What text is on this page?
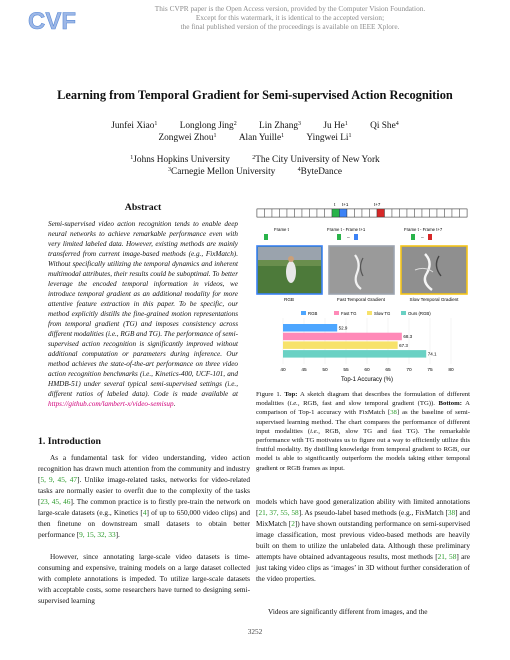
CVF	This CVPR paper is the Open Access version, provided by the Computer Vision Foundation.
Except for this watermark, it is identical to the accepted version;
the final published version of the proceedings is available on IEEE Xplore.
Learning from Temporal Gradient for Semi-supervised Action Recognition
Junfei Xiao$^1$ Longlong Jing$^2$ Lin Zhang$^3$ Ju He$^1$ Qi She$^4$
Zongwei Zhou$^1$ Alan Yuille$^1$ Yingwei Li$^1$
$^1$Johns Hopkins University	$^2$The City University of New York
$^3$Carnegie Mellon University	$^4$ByteDance
Abstract
Semi-supervised video action recognition tends to enable deep neural networks to achieve remarkable performance even with very limited labeled data. However, existing methods are mainly transferred from current image-based methods (e.g., FixMatch). Without specifically utilizing the temporal dynamics and inherent multimodal attributes, their results could be suboptimal. To better leverage the encoded temporal information in videos, we introduce temporal gradient as an additional modality for more attentive feature extraction in this paper. To be specific, our method explicitly distills the fine-grained motion representations from temporal gradient (TG) and imposes consistency across different modalities (i.e., RGB and TG). The performance of semi-supervised action recognition is significantly improved without additional computation or parameters during inference. Our method achieves the state-of-the-art performance on three video action recognition benchmarks (i.e., Kinetics-400, UCF-101, and HMDB-51) under several typical semi-supervised settings (i.e., different ratios of labeled data). Code is made available at https://github.com/lambert-x/video-semisup.
1. Introduction
As a fundamental task for video understanding, video action recognition has drawn much attention from the community and industry [5, 9, 45, 47]. Unlike image-related tasks, networks for video-related tasks are normally easier to overfit due to the complexity of the tasks [23, 45, 46]. The common practice is to firstly pre-train the network on large-scale datasets (e.g., Kinetics [4] of up to 650,000 video clips) and then finetune on downstream small datasets to obtain better performance [9, 15, 32, 33].
However, since annotating large-scale video datasets is time-consuming and expensive, training models on a large dataset collected with complete annotations is impeded. To utilize large-scale datasets with acceptable costs, some researchers have turned to designing semi-supervised learning
models which have good generalization ability with limited annotations [21, 37, 55, 58]. As pseudo-label based methods (e.g., FixMatch [38] and MixMatch [2]) have shown outstanding performance on semi-supervised image classification, most previous video-based methods are heavily built on them to utilize the unlabeled data. Although these preliminary attempts have obtained advantageous results, most methods [21, 58] are just taking video clips as ‘images’ in 3D without further consideration of the video properties.
Videos are significantly different from images, and the
t t+1	t+7
Frame t	Frame t - Frame t+1
–
Frame t - Frame t+7
–
RGB	Fast Temporal Gradient	Slow Temporal Gradient
RGB	Fast TG	Slow TG	Ours (RGB)
52.9
68.3
67.3
74.1
40	45	50	55	60	65	70	75	80
Top-1 Accuracy (%)
Figure 1. Top: A sketch diagram that describes the formulation of different modalities (i.e., RGB, fast and slow temporal gradient (TG)). Bottom: A comparison of Top-1 accuracy with FixMatch [38] as the baseline of semi-supervised learning method. The chart compares the performance of different input modalities (i.e., RGB, slow TG and fast TG). The remarkable performance with TG motivates us to figure out a way to efficiently utilize this fruitful modality. By distilling knowledge from temporal gradient to RGB, our model is able to significantly outperform the models taking either temporal gradient or RGB frames as input.
3252
